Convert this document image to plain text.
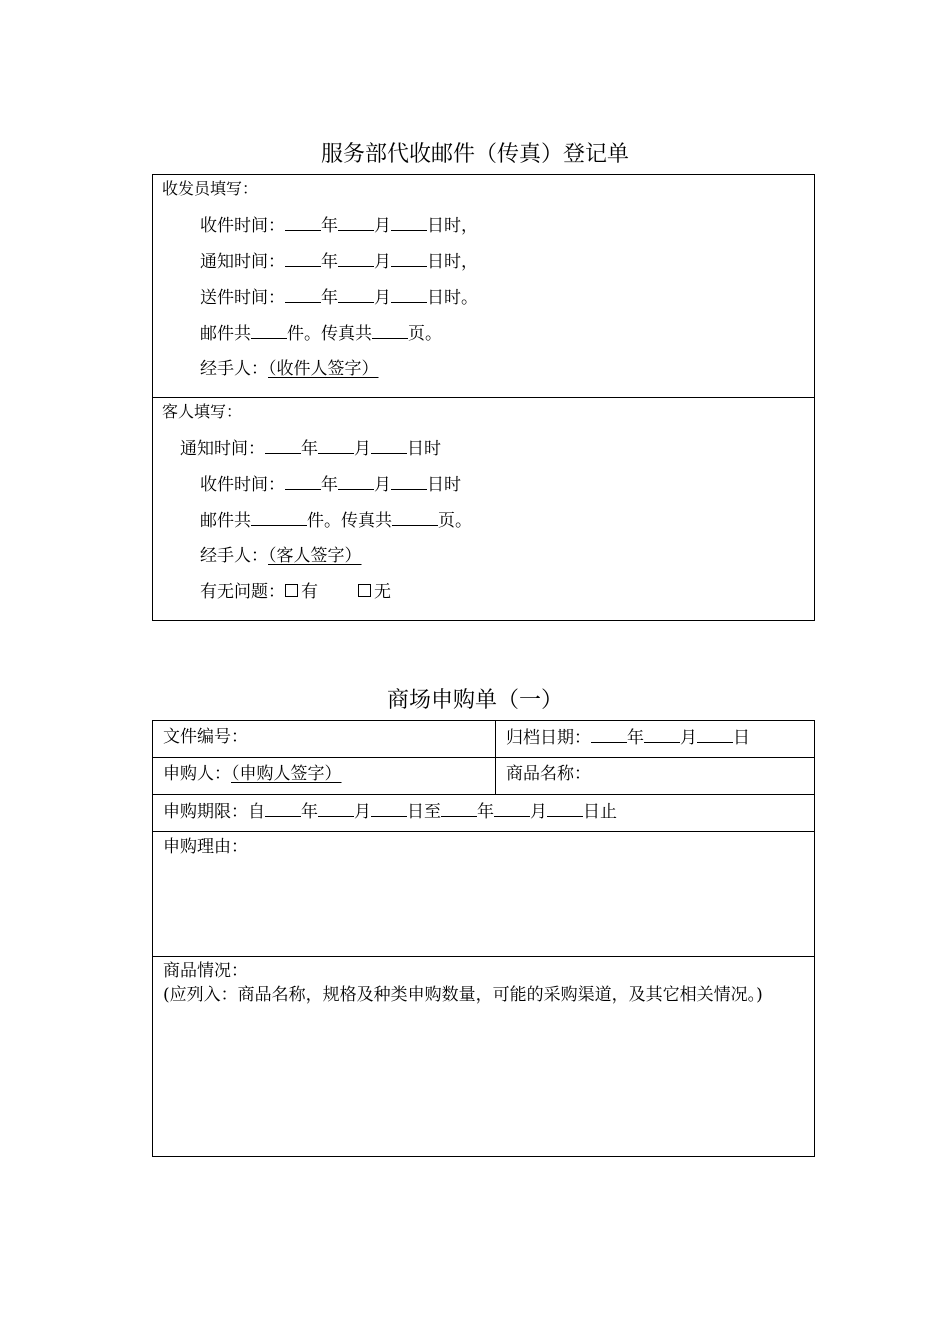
服务部代收邮件（传真）登记单
收发员填写：
收件时间： 年 月 日时，
通知时间： 年 月 日时，
送件时间： 年 月 日时。
邮件共 件。传真共 页。
经手人：（收件人签字）
客人填写：
通知时间： 年 月 日时
收件时间： 年 月 日时
邮件共	件。传真共	页。
经手人：（客人签字）
有无问题： 有	无
商场申购单（一）
文件编号：	归档日期： 年 月 日
申购人：（申购人签字）	商品名称：
申购期限：自 年 月 日至 年 月 日止
申购理由：
商品情况：
(应列入：商品名称，规格及种类申购数量，可能的采购渠道，及其它相关情况。)
